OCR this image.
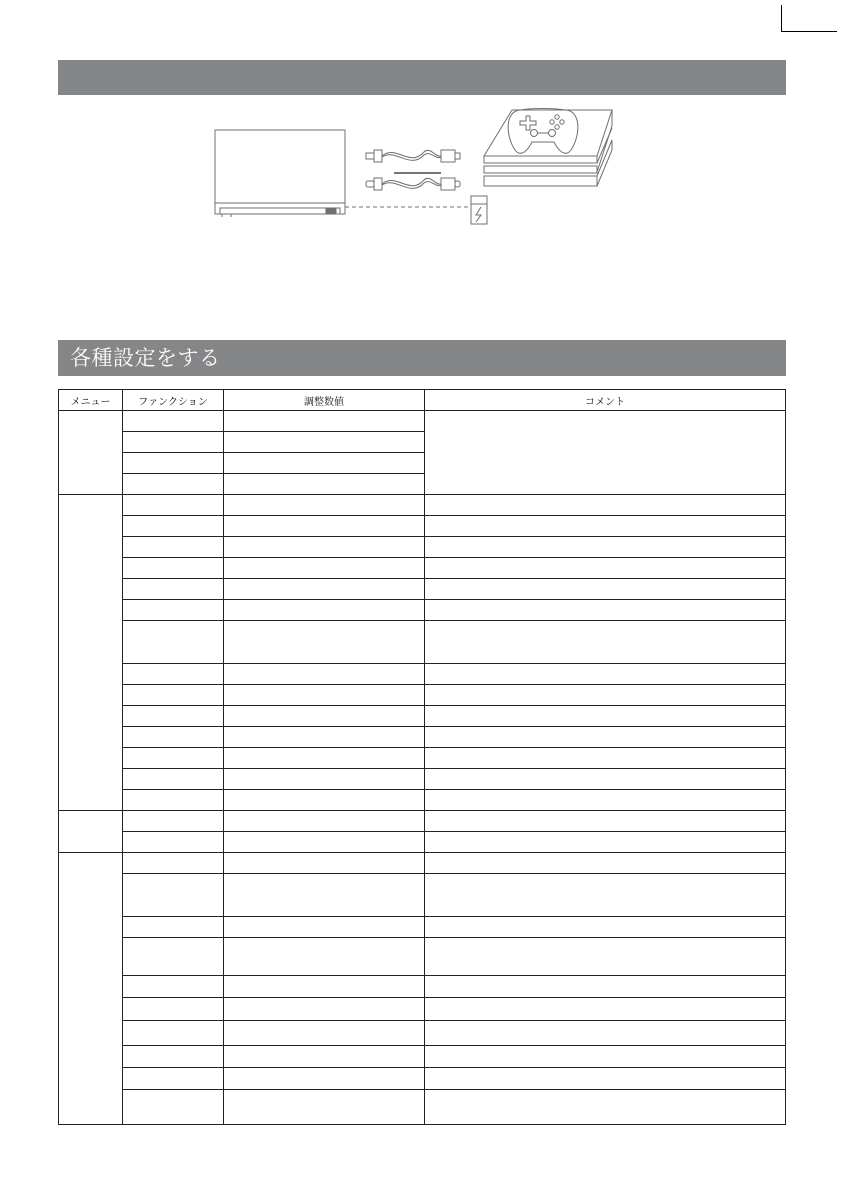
各種設定をする
メニュー	ファンクション	調整数値	コメント
